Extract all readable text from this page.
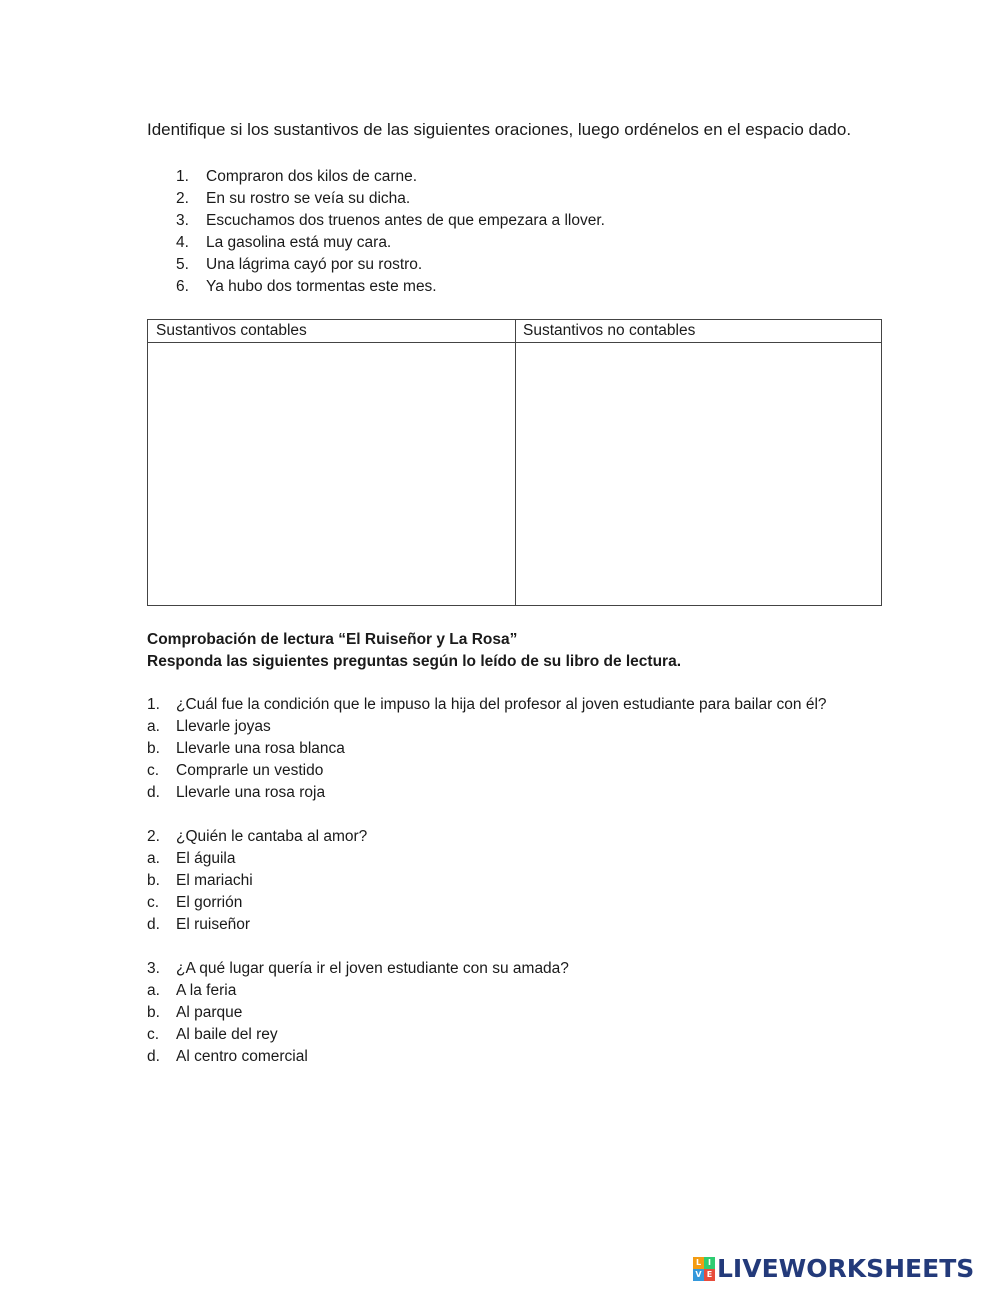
Identifique si los sustantivos de las siguientes oraciones, luego ordénelos en el espacio dado.
1. Compraron dos kilos de carne.
2. En su rostro se veía su dicha.
3. Escuchamos dos truenos antes de que empezara a llover.
4. La gasolina está muy cara.
5. Una lágrima cayó por su rostro.
6. Ya hubo dos tormentas este mes.
Sustantivos contables	Sustantivos no contables
Comprobación de lectura “El Ruiseñor y La Rosa”
Responda las siguientes preguntas según lo leído de su libro de lectura.
1. ¿Cuál fue la condición que le impuso la hija del profesor al joven estudiante para bailar con él?
a. Llevarle joyas
b. Llevarle una rosa blanca
c. Comprarle un vestido
d. Llevarle una rosa roja
2. ¿Quién le cantaba al amor?
a. El águila
b. El mariachi
c. El gorrión
d. El ruiseñor
3. ¿A qué lugar quería ir el joven estudiante con su amada?
a. A la feria
b. Al parque
c. Al baile del rey
d. Al centro comercial
L I
V E LIVEWORKSHEETS
